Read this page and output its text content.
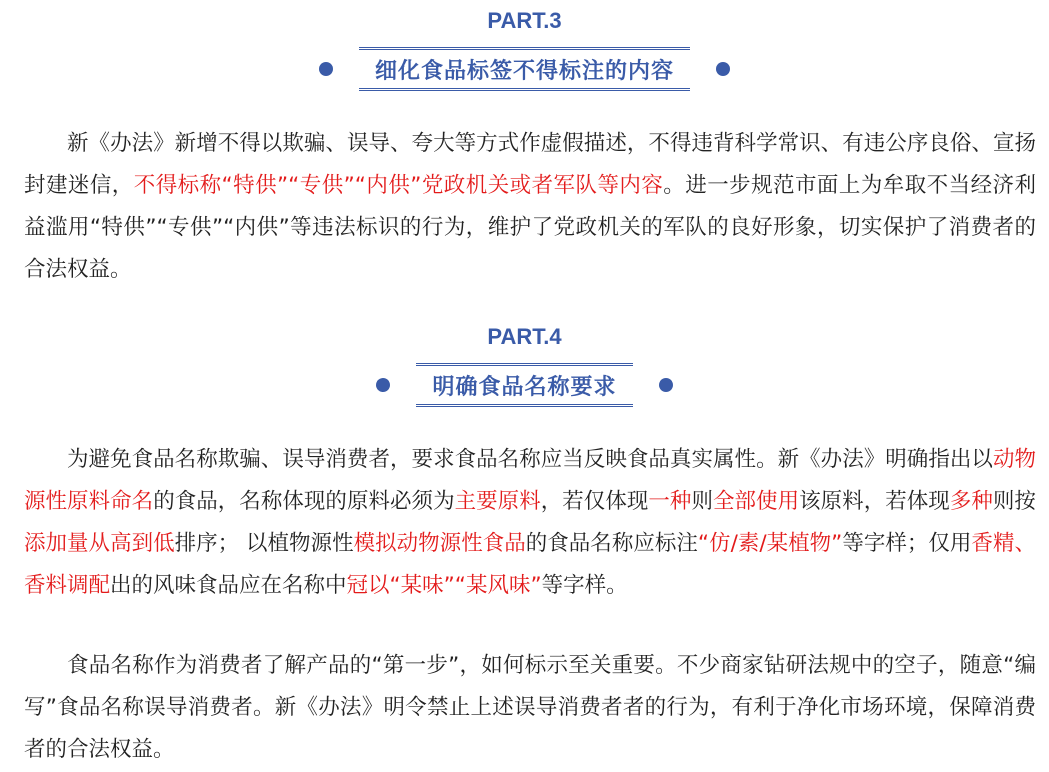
PART.3
细化食品标签不得标注的内容

新《办法》新增不得以欺骗、误导、夸大等方式作虚假描述，不得违背科学常识、有违公序良俗、宣扬封建迷信，不得标称“特供”“专供”“内供”党政机关或者军队等内容。进一步规范市面上为牟取不当经济利益滥用“特供”“专供”“内供”等违法标识的行为，维护了党政机关的军队的良好形象，切实保护了消费者的合法权益。

PART.4
明确食品名称要求

为避免食品名称欺骗、误导消费者，要求食品名称应当反映食品真实属性。新《办法》明确指出以动物源性原料命名的食品，名称体现的原料必须为主要原料，若仅体现一种则全部使用该原料，若体现多种则按添加量从高到低排序； 以植物源性模拟动物源性食品的食品名称应标注“仿/素/某植物”等字样；仅用香精、香料调配出的风味食品应在名称中冠以“某味”“某风味”等字样。

食品名称作为消费者了解产品的“第一步”，如何标示至关重要。不少商家钻研法规中的空子，随意“编写”食品名称误导消费者。新《办法》明令禁止上述误导消费者者的行为，有利于净化市场环境，保障消费者的合法权益。
